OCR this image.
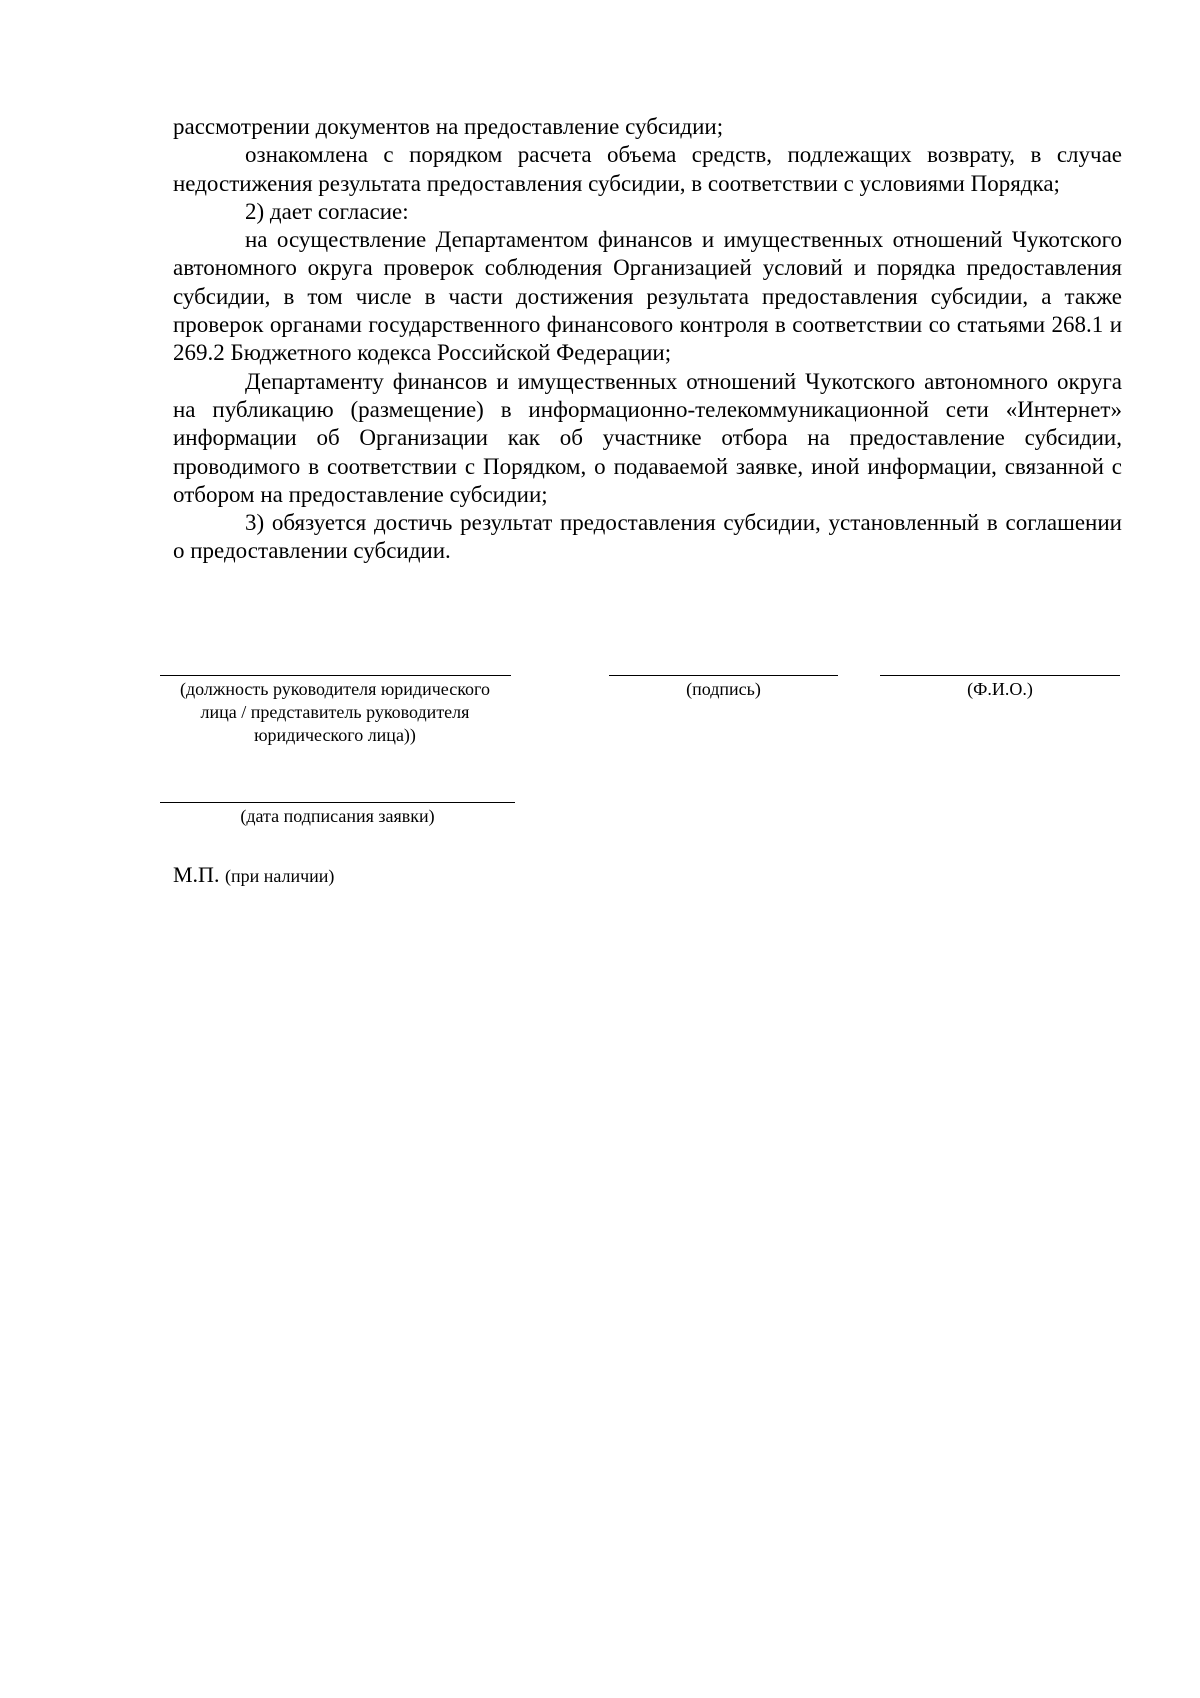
рассмотрении документов на предоставление субсидии;

ознакомлена с порядком расчета объема средств, подлежащих возврату, в случае недостижения результата предоставления субсидии, в соответствии с условиями Порядка;

2) дает согласие:

на осуществление Департаментом финансов и имущественных отношений Чукотского автономного округа проверок соблюдения Организацией условий и порядка предоставления субсидии, в том числе в части достижения результата предоставления субсидии, а также проверок органами государственного финансового контроля в соответствии со статьями 268.1 и 269.2 Бюджетного кодекса Российской Федерации;

Департаменту финансов и имущественных отношений Чукотского автономного округа на публикацию (размещение) в информационно-телекоммуникационной сети «Интернет» информации об Организации как об участнике отбора на предоставление субсидии, проводимого в соответствии с Порядком, о подаваемой заявке, иной информации, связанной с отбором на предоставление субсидии;

3) обязуется достичь результат предоставления субсидии, установленный в соглашении о предоставлении субсидии.

(должность руководителя юридического лица / представитель руководителя юридического лица))
(подпись)	(Ф.И.О.)
(дата подписания заявки)
М.П. (при наличии)
